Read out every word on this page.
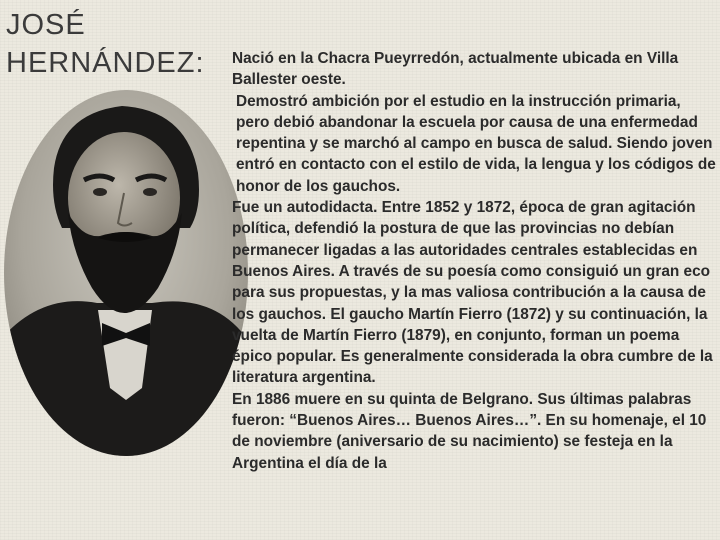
JOSÉ
HERNÁNDEZ: Nació en la Chacra Pueyrredón, actualmente ubicada en Villa Ballester oeste.

Demostró ambición por el estudio en la instrucción primaria, pero debió abandonar la escuela por causa de una enfermedad repentina y se marchó al campo en busca de salud. Siendo joven entró en contacto con el estilo de vida, la lengua y los códigos de honor de los gauchos.

Fue un autodidacta. Entre 1852 y 1872, época de gran agitación política, defendió la postura de que las provincias no debían permanecer ligadas a las autoridades centrales establecidas en Buenos Aires. A través de su poesía como consiguió un gran eco para sus propuestas, y la mas valiosa contribución a la causa de los gauchos. El gaucho Martín Fierro (1872) y su continuación, la vuelta de Martín Fierro (1879), en conjunto, forman un poema épico popular. Es generalmente considerada la obra cumbre de la literatura argentina.

En 1886 muere en su quinta de Belgrano. Sus últimas palabras fueron: “Buenos Aires… Buenos Aires…”. En su homenaje, el 10 de noviembre (aniversario de su nacimiento) se festeja en la Argentina el día de la
